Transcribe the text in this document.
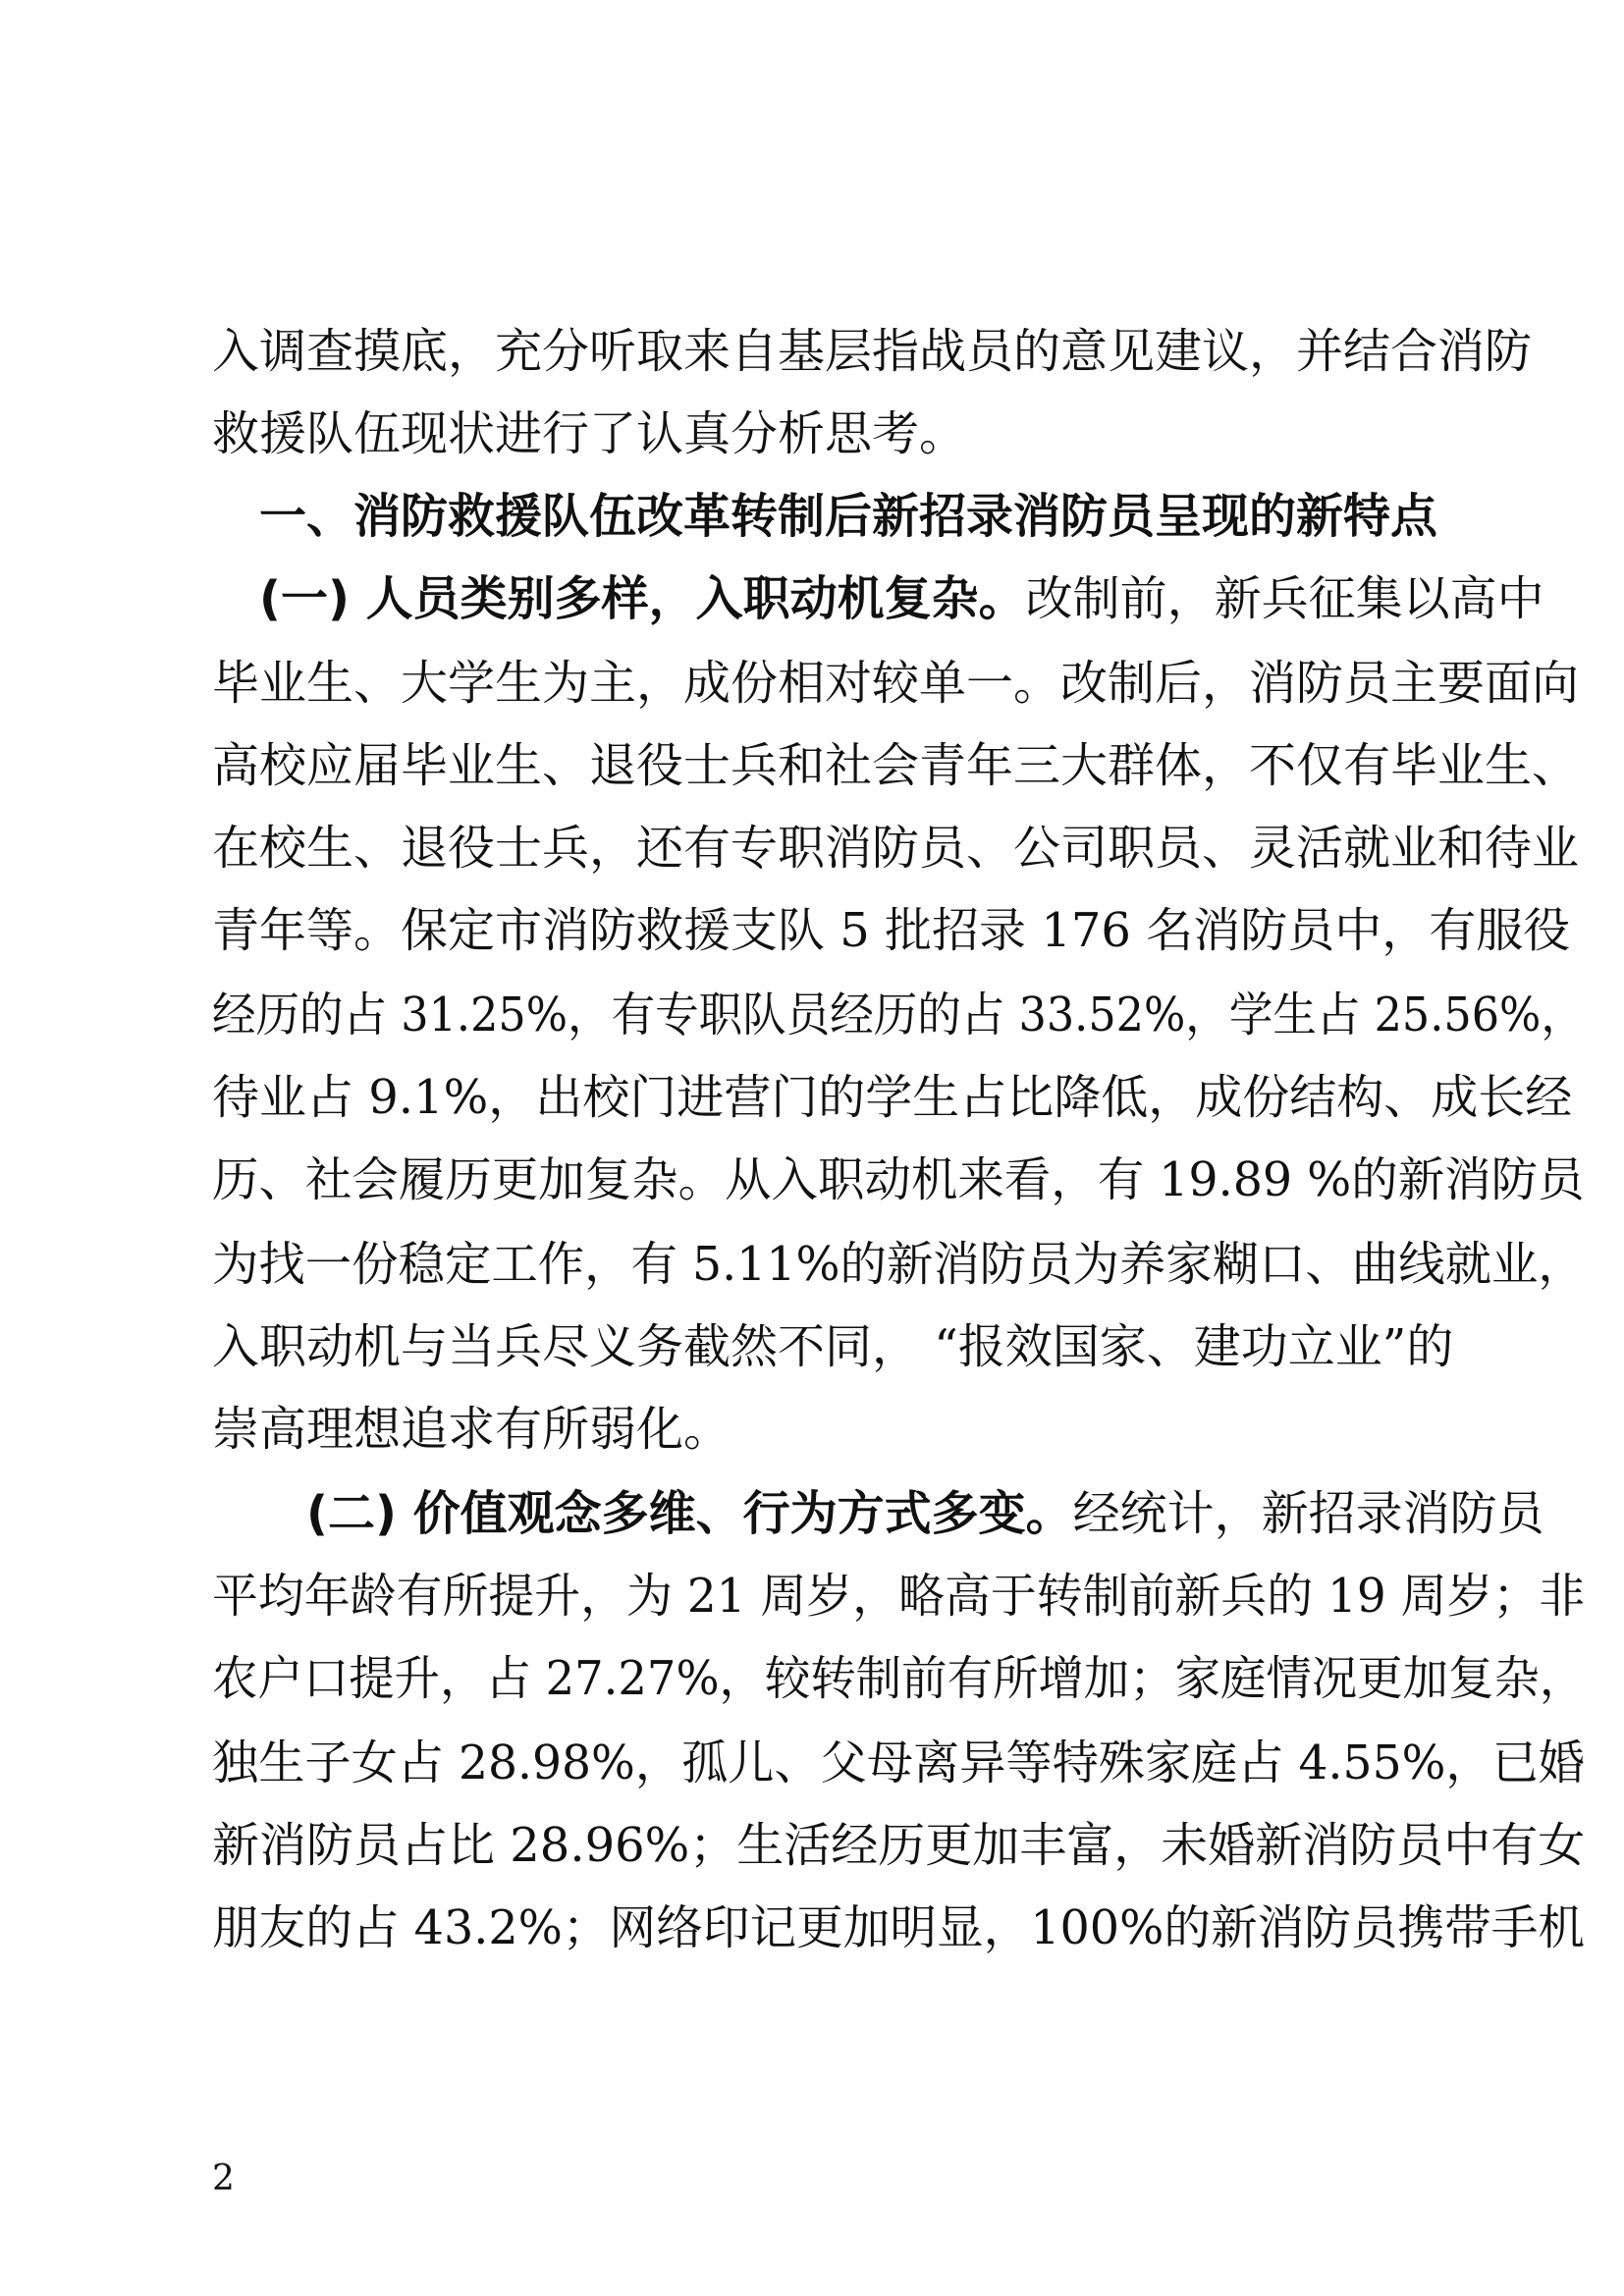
入调查摸底，充分听取来自基层指战员的意见建议，并结合消防

救援队伍现状进行了认真分析思考。

一、消防救援队伍改革转制后新招录消防员呈现的新特点

(一) 人员类别多样，入职动机复杂。改制前，新兵征集以高中

毕业生、大学生为主，成份相对较单一。改制后，消防员主要面向

高校应届毕业生、退役士兵和社会青年三大群体，不仅有毕业生、

在校生、退役士兵，还有专职消防员、公司职员、灵活就业和待业

青年等。保定市消防救援支队 5 批招录 176 名消防员中，有服役

经历的占 31.25%，有专职队员经历的占 33.52%，学生占 25.56%，

待业占 9.1%，出校门进营门的学生占比降低，成份结构、成长经

历、社会履历更加复杂。从入职动机来看，有 19.89 %的新消防员

为找一份稳定工作，有 5.11%的新消防员为养家糊口、曲线就业，

入职动机与当兵尽义务截然不同， “报效国家、建功立业”的

崇高理想追求有所弱化。

(二) 价值观念多维、行为方式多变。经统计，新招录消防员

平均年龄有所提升，为 21 周岁，略高于转制前新兵的 19 周岁；非

农户口提升，占 27.27%，较转制前有所增加；家庭情况更加复杂，

独生子女占 28.98%，孤儿、父母离异等特殊家庭占 4.55%，已婚

新消防员占比 28.96%；生活经历更加丰富，未婚新消防员中有女

朋友的占 43.2%；网络印记更加明显，100%的新消防员携带手机

2
